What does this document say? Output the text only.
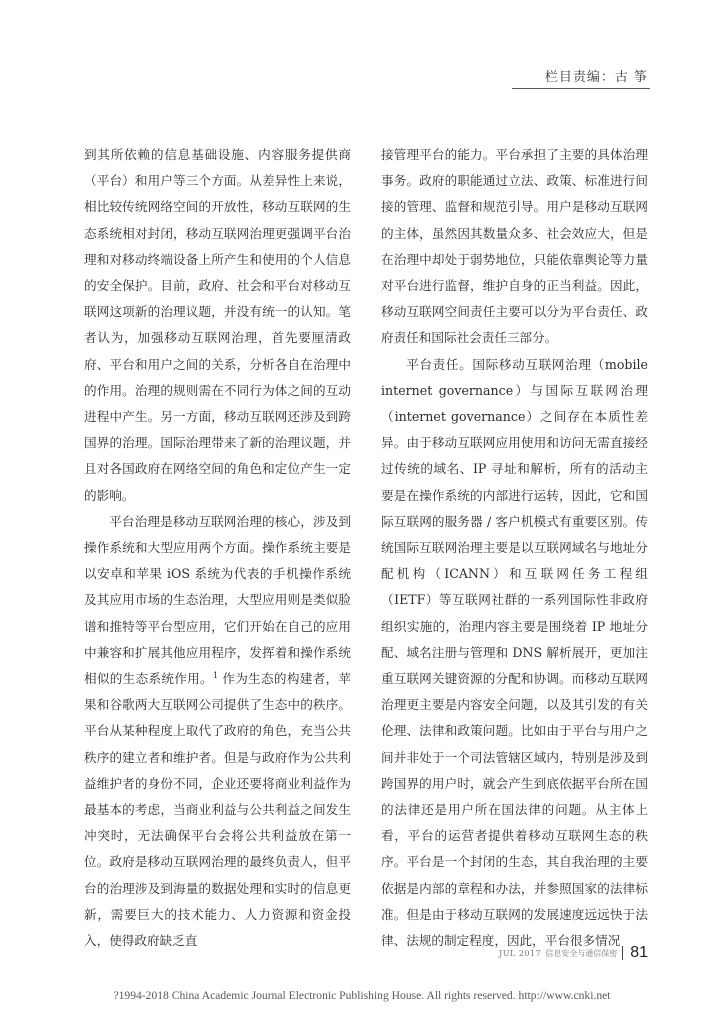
栏目责编：古 筝

到其所依赖的信息基础设施、内容服务提供商（平台）和用户等三个方面。从差异性上来说，相比较传统网络空间的开放性，移动互联网的生态系统相对封闭，移动互联网治理更强调平台治理和对移动终端设备上所产生和使用的个人信息的安全保护。目前，政府、社会和平台对移动互联网这项新的治理议题，并没有统一的认知。笔者认为，加强移动互联网治理，首先要厘清政府、平台和用户之间的关系，分析各自在治理中的作用。治理的规则需在不同行为体之间的互动进程中产生。另一方面，移动互联网还涉及到跨国界的治理。国际治理带来了新的治理议题，并且对各国政府在网络空间的角色和定位产生一定的影响。

平台治理是移动互联网治理的核心，涉及到操作系统和大型应用两个方面。操作系统主要是以安卓和苹果 iOS 系统为代表的手机操作系统及其应用市场的生态治理，大型应用则是类似脸谱和推特等平台型应用，它们开始在自己的应用中兼容和扩展其他应用程序，发挥着和操作系统相似的生态系统作用。$^1$ 作为生态的构建者，苹果和谷歌两大互联网公司提供了生态中的秩序。平台从某种程度上取代了政府的角色，充当公共秩序的建立者和维护者。但是与政府作为公共利益维护者的身份不同，企业还要将商业利益作为最基本的考虑，当商业利益与公共利益之间发生冲突时，无法确保平台会将公共利益放在第一位。政府是移动互联网治理的最终负责人，但平台的治理涉及到海量的数据处理和实时的信息更新，需要巨大的技术能力、人力资源和资金投入，使得政府缺乏直

接管理平台的能力。平台承担了主要的具体治理事务。政府的职能通过立法、政策、标准进行间接的管理、监督和规范引导。用户是移动互联网的主体，虽然因其数量众多、社会效应大，但是在治理中却处于弱势地位，只能依靠舆论等力量对平台进行监督，维护自身的正当利益。因此，移动互联网空间责任主要可以分为平台责任、政府责任和国际社会责任三部分。

平台责任。国际移动互联网治理（mobile internet governance）与国际互联网治理（internet governance）之间存在本质性差异。由于移动互联网应用使用和访问无需直接经过传统的域名、IP 寻址和解析，所有的活动主要是在操作系统的内部进行运转，因此，它和国际互联网的服务器 / 客户机模式有重要区别。传统国际互联网治理主要是以互联网域名与地址分配机构（ICANN）和互联网任务工程组（IETF）等互联网社群的一系列国际性非政府组织实施的，治理内容主要是围绕着 IP 地址分配、域名注册与管理和 DNS 解析展开，更加注重互联网关键资源的分配和协调。而移动互联网治理更主要是内容安全问题，以及其引发的有关伦理、法律和政策问题。比如由于平台与用户之间并非处于一个司法管辖区域内，特别是涉及到跨国界的用户时，就会产生到底依据平台所在国的法律还是用户所在国法律的问题。从主体上看，平台的运营者提供着移动互联网生态的秩序。平台是一个封闭的生态，其自我治理的主要依据是内部的章程和办法，并参照国家的法律标准。但是由于移动互联网的发展速度远远快于法律、法规的制定程度，因此，平台很多情况

JUL 2017 信息安全与通信保密 81
?1994-2018 China Academic Journal Electronic Publishing House. All rights reserved. http://www.cnki.net
